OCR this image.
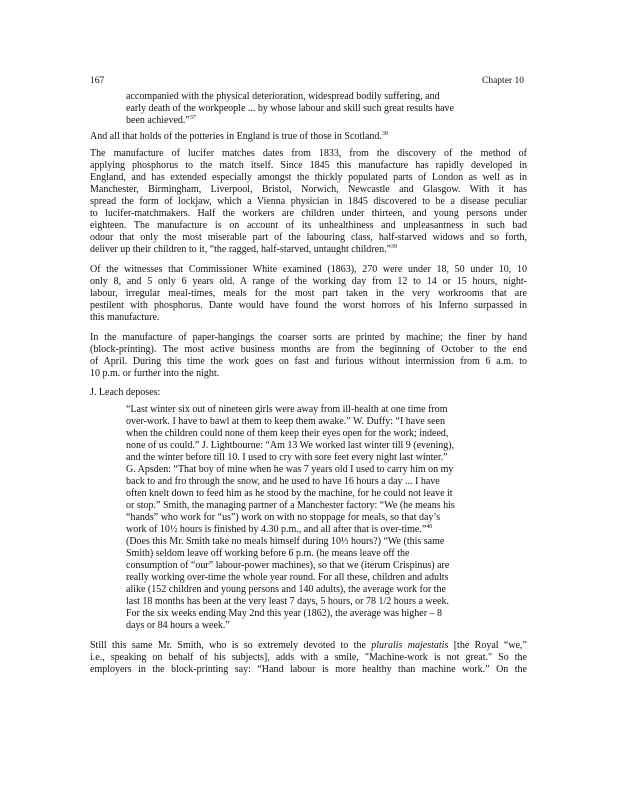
167	Chapter 10
accompanied with the physical deterioration, widespread bodily suffering, and
early death of the workpeople ... by whose labour and skill such great results have
been achieved.”$^{37}$
And all that holds of the potteries in England is true of those in Scotland.$^{38}$
The manufacture of lucifer matches dates from 1833, from the discovery of the method of
applying phosphorus to the match itself. Since 1845 this manufacture has rapidly developed in
England, and has extended especially amongst the thickly populated parts of London as well as in
Manchester, Birmingham, Liverpool, Bristol, Norwich, Newcastle and Glasgow. With it has
spread the form of lockjaw, which a Vienna physician in 1845 discovered to be a disease peculiar
to lucifer-matchmakers. Half the workers are children under thirteen, and young persons under
eighteen. The manufacture is on account of its unhealthiness and unpleasantness in such bad
odour that only the most miserable part of the labouring class, half-starved widows and so forth,
deliver up their children to it, “the ragged, half-starved, untaught children.”$^{39}$
Of the witnesses that Commissioner White examined (1863), 270 were under 18, 50 under 10, 10
only 8, and 5 only 6 years old. A range of the working day from 12 to 14 or 15 hours, night-
labour, irregular meal-times, meals for the most part taken in the very workrooms that are
pestilent with phosphorus. Dante would have found the worst horrors of his Inferno surpassed in
this manufacture.
In the manufacture of paper-hangings the coarser sorts are printed by machine; the finer by hand
(block-printing). The most active business months are from the beginning of October to the end
of April. During this time the work goes on fast and furious without intermission from 6 a.m. to
10 p.m. or further into the night.
J. Leach deposes:
“Last winter six out of nineteen girls were away from ill-health at one time from
over-work. I have to bawl at them to keep them awake.” W. Duffy: “I have seen
when the children could none of them keep their eyes open for the work; indeed,
none of us could.” J. Lightbourne: “Am 13 We worked last winter till 9 (evening),
and the winter before till 10. I used to cry with sore feet every night last winter.”
G. Apsden: “That boy of mine when he was 7 years old I used to carry him on my
back to and fro through the snow, and he used to have 16 hours a day ... I have
often knelt down to feed him as he stood by the machine, for he could not leave it
or stop.” Smith, the managing partner of a Manchester factory: “We (he means his
“hands” who work for “us”) work on with no stoppage for meals, so that day’s
work of 10½ hours is finished by 4.30 p.m., and all after that is over-time.”$^{40}$
(Does this Mr. Smith take no meals himself during 10⅓ hours?) “We (this same
Smith) seldom leave off working before 6 p.m. (he means leave off the
consumption of “our” labour-power machines), so that we (iterum Crispinus) are
really working over-time the whole year round. For all these, children and adults
alike (152 children and young persons and 140 adults), the average work for the
last 18 months has been at the very least 7 days, 5 hours, or 78 1/2 hours a week.
For the six weeks ending May 2nd this year (1862), the average was higher – 8
days or 84 hours a week.”
Still this same Mr. Smith, who is so extremely devoted to the pluralis majestatis [the Royal “we,”
i.e., speaking on behalf of his subjects], adds with a smile, "Machine-work is not great." So the
employers in the block-printing say: “Hand labour is more healthy than machine work.” On the
